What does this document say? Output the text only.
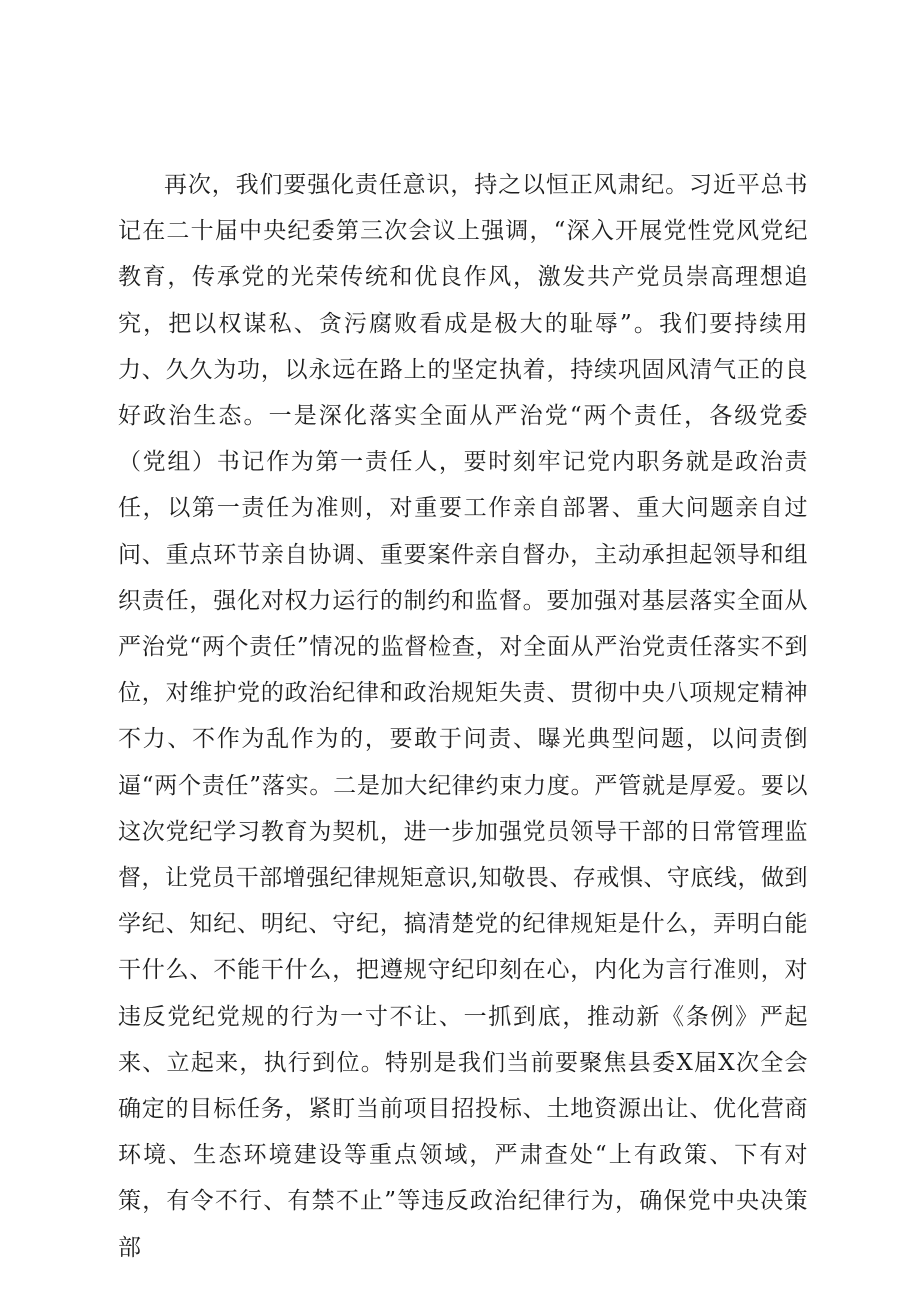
再次，我们要强化责任意识，持之以恒正风肃纪。习近平总书记在二十届中央纪委第三次会议上强调，“深入开展党性党风党纪教育，传承党的光荣传统和优良作风，激发共产党员崇高理想追究，把以权谋私、贪污腐败看成是极大的耻辱”。我们要持续用力、久久为功，以永远在路上的坚定执着，持续巩固风清气正的良好政治生态。一是深化落实全面从严治党“两个责任，各级党委（党组）书记作为第一责任人，要时刻牢记党内职务就是政治责任，以第一责任为准则，对重要工作亲自部署、重大问题亲自过问、重点环节亲自协调、重要案件亲自督办，主动承担起领导和组织责任，强化对权力运行的制约和监督。要加强对基层落实全面从严治党“两个责任”情况的监督检查，对全面从严治党责任落实不到位，对维护党的政治纪律和政治规矩失责、贯彻中央八项规定精神不力、不作为乱作为的，要敢于问责、曝光典型问题，以问责倒逼“两个责任”落实。二是加大纪律约束力度。严管就是厚爱。要以这次党纪学习教育为契机，进一步加强党员领导干部的日常管理监督，让党员干部增强纪律规矩意识,知敬畏、存戒惧、守底线，做到学纪、知纪、明纪、守纪，搞清楚党的纪律规矩是什么，弄明白能干什么、不能干什么，把遵规守纪印刻在心，内化为言行准则，对违反党纪党规的行为一寸不让、一抓到底，推动新《条例》严起来、立起来，执行到位。特别是我们当前要聚焦县委X届X次全会确定的目标任务，紧盯当前项目招投标、土地资源出让、优化营商环境、生态环境建设等重点领域，严肃查处“上有政策、下有对策，有令不行、有禁不止”等违反政治纪律行为，确保党中央决策部
